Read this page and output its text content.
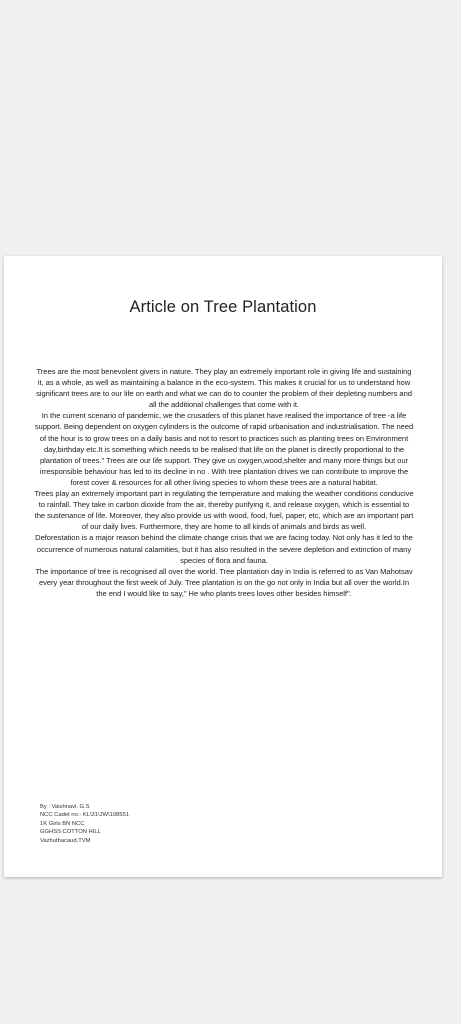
Article on Tree Plantation

Trees are the most benevolent givers in nature. They play an extremely important role in giving life and sustaining it, as a whole, as well as maintaining a balance in the eco-system. This makes it crucial for us to understand how significant trees are to our life on earth and what we can do to counter the problem of their depleting numbers and all the additional challenges that come with it.

In the current scenario of pandemic, we the crusaders of this planet have realised the importance of tree -a life support. Being dependent on oxygen cylinders is the outcome of rapid urbanisation and industrialisation. The need of the hour is to grow trees on a daily basis and not to resort to practices such as planting trees on Environment day,birthday etc.It is something which needs to be realised that life on the planet is directly proportional to the plantation of trees." Trees are our life support. They give us oxygen,wood,shelter and many more things but our irresponsible behaviour has led to its decline in no . With tree plantation drives we can contribute to improve the forest cover & resources for all other living species to whom these trees are a natural habitat.

Trees play an extremely important part in regulating the temperature and making the weather conditions conducive to rainfall. They take in carbon dioxide from the air, thereby purifying it, and release oxygen, which is essential to the sustenance of life. Moreover, they also provide us with wood, food, fuel, paper, etc, which are an important part of our daily lives. Furthermore, they are home to all kinds of animals and birds as well.

Deforestation is a major reason behind the climate change crisis that we are facing today. Not only has it led to the occurrence of numerous natural calamities, but it has also resulted in the severe depletion and extinction of many species of flora and fauna.

The importance of tree is recognised all over the world. Tree plantation day in India is referred to as Van Mahotsav every year throughout the first week of July. Tree plantation is on the go not only in India but all over the world.In the end I would like to say," He who plants trees loves other besides himself".

By : Vaishnavi. G.S
NCC Cadet no.- KL\31\JW\108551
1K Girls BN NCC
GGHSS COTTON HILL
Vazhuthacaud,TVM
